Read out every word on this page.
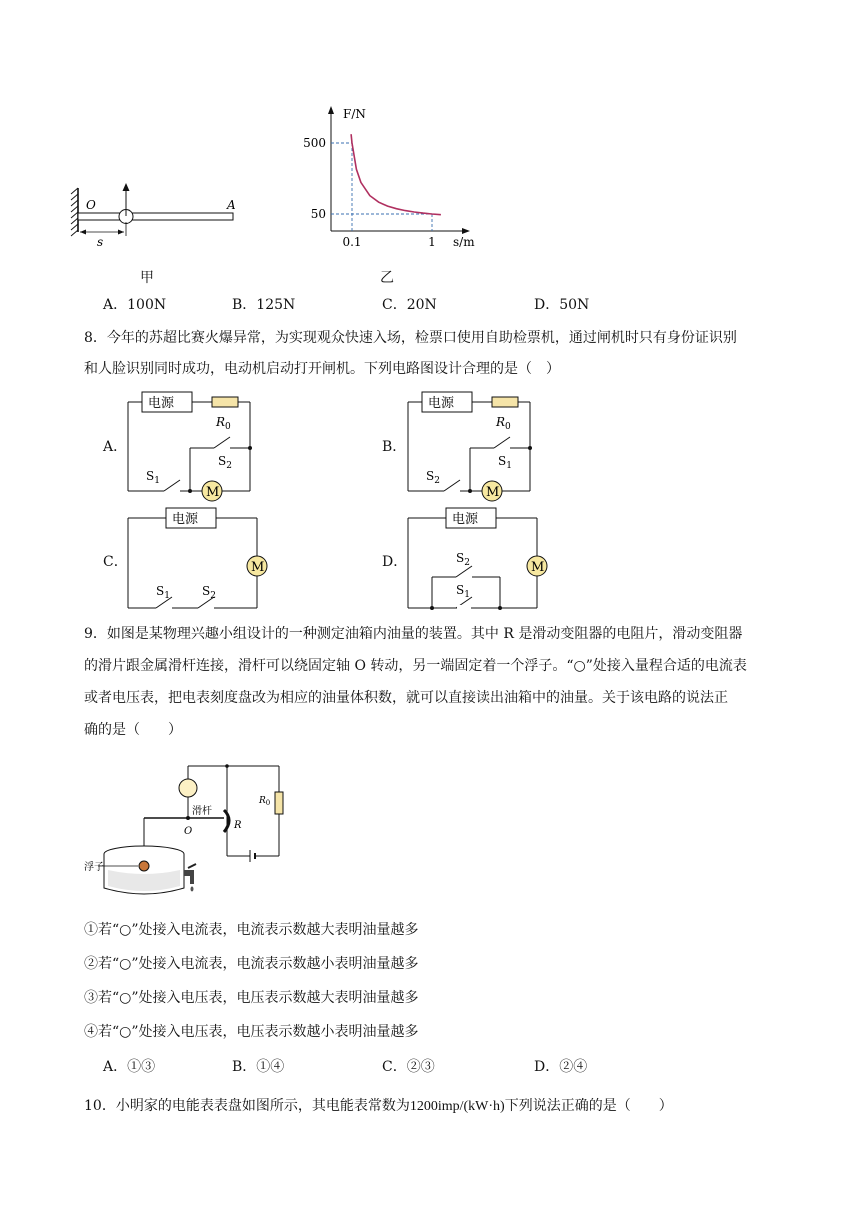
O	A
s
甲
F/N
s/m
500
50
0.1	1
乙
A．100N	B．125N	C．20N	D．50N
8．今年的苏超比赛火爆异常，为实现观众快速入场，检票口使用自助检票机，通过闸机时只有身份证识别
和人脸识别同时成功，电动机启动打开闸机。下列电路图设计合理的是（　）
A．
电源
$R_0$
M
$S_1$
$S_2$
B．
电源
$R_0$
M
$S_2$
$S_1$
C．
电源
M
$S_1$	$S_2$
D．
电源
M
$S_2$
$S_1$
9．如图是某物理兴趣小组设计的一种测定油箱内油量的装置。其中 R 是滑动变阻器的电阻片，滑动变阻器
的滑片跟金属滑杆连接，滑杆可以绕固定轴 O 转动，另一端固定着一个浮子。“○”处接入量程合适的电流表
或者电压表，把电表刻度盘改为相应的油量体积数，就可以直接读出油箱中的油量。关于该电路的说法正
确的是（　　）
$R_0$
R
O
滑杆
浮子
①若“○”处接入电流表，电流表示数越大表明油量越多
②若“○”处接入电流表，电流表示数越小表明油量越多
③若“○”处接入电压表，电压表示数越大表明油量越多
④若“○”处接入电压表，电压表示数越小表明油量越多
A．①③	B．①④	C．②③	D．②④
10．小明家的电能表表盘如图所示，其电能表常数为1200imp/(kW·h)下列说法正确的是（　　）
